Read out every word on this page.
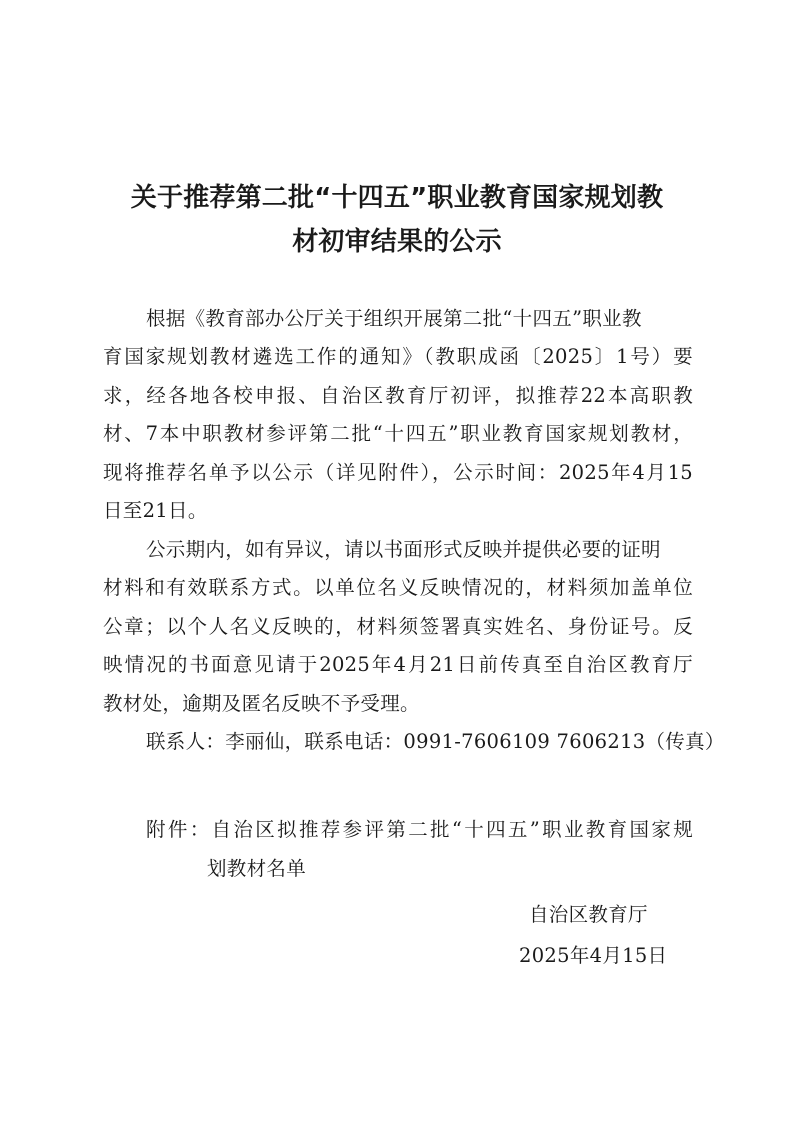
关于推荐第二批“十四五”职业教育国家规划教
材初审结果的公示
根据《教育部办公厅关于组织开展第二批“十四五”职业教
育国家规划教材遴选工作的通知》（教职成函〔2025〕1号）要
求，经各地各校申报、自治区教育厅初评，拟推荐22本高职教
材、7本中职教材参评第二批“十四五”职业教育国家规划教材，
现将推荐名单予以公示（详见附件），公示时间：2025年4月15
日至21日。
公示期内，如有异议，请以书面形式反映并提供必要的证明
材料和有效联系方式。以单位名义反映情况的，材料须加盖单位
公章；以个人名义反映的，材料须签署真实姓名、身份证号。反
映情况的书面意见请于2025年4月21日前传真至自治区教育厅
教材处，逾期及匿名反映不予受理。
联系人：李丽仙，联系电话：0991-7606109 7606213（传真）
附件：自治区拟推荐参评第二批“十四五”职业教育国家规
划教材名单
自治区教育厅
2025年4月15日
